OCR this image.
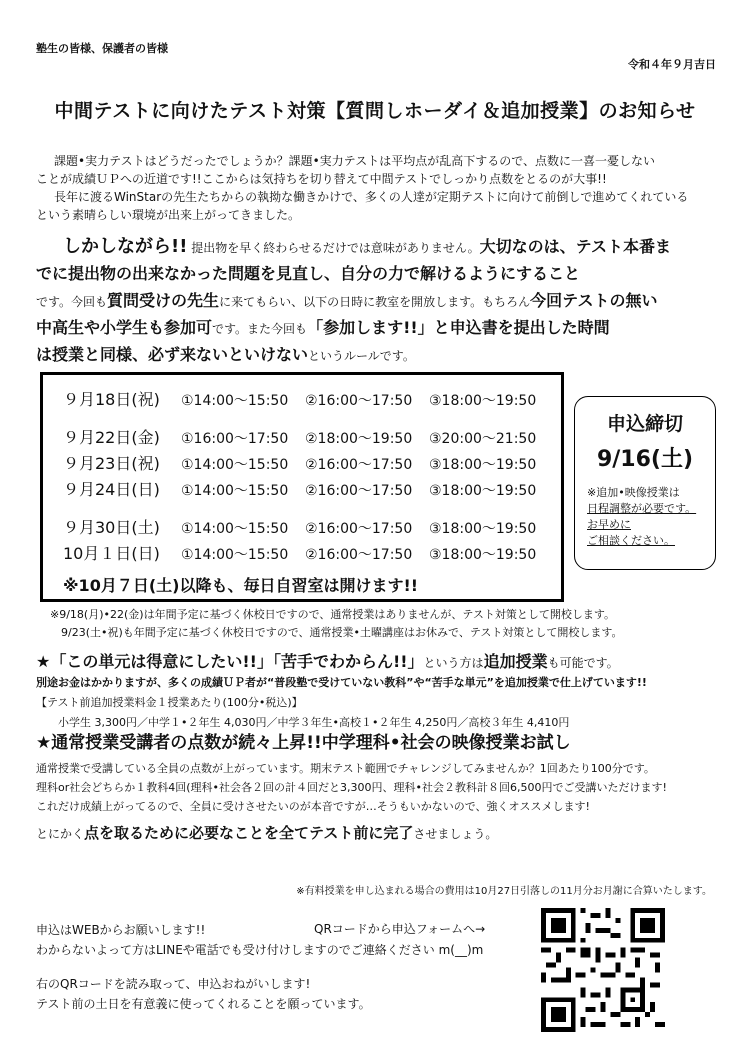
塾生の皆様、保護者の皆様
令和４年９月吉日
中間テストに向けたテスト対策【質問しホーダイ＆追加授業】のお知らせ

課題•実力テストはどうだったでしょうか？課題•実力テストは平均点が乱高下するので、点数に一喜一憂しない

ことが成績ＵＰへの近道です!!ここからは気持ちを切り替えて中間テストでしっかり点数をとるのが大事!!

長年に渡るWinStarの先生たちからの執拗な働きかけで、多くの人達が定期テストに向けて前倒しで進めてくれている

という素晴らしい環境が出来上がってきました。

しかしながら!! 提出物を早く終わらせるだけでは意味がありません。大切なのは、テスト本番ま
でに提出物の出来なかった問題を見直し、自分の力で解けるようにすること
です。今回も質問受けの先生に来てもらい、以下の日時に教室を開放します。もちろん今回テストの無い
中高生や小学生も参加可です。また今回も「参加します!!」と申込書を提出した時間
は授業と同様、必ず来ないといけないというルールです。
９月18日(祝) ①14:00～15:50 ②16:00～17:50 ③18:00～19:50
９月22日(金) ①16:00～17:50 ②18:00～19:50 ③20:00～21:50
９月23日(祝) ①14:00～15:50 ②16:00～17:50 ③18:00～19:50
９月24日(日) ①14:00～15:50 ②16:00～17:50 ③18:00～19:50
９月30日(土) ①14:00～15:50 ②16:00～17:50 ③18:00～19:50
10月１日(日) ①14:00～15:50 ②16:00～17:50 ③18:00～19:50
※10月７日(土)以降も、毎日自習室は開けます!!
申込締切
9/16(土)
※追加•映像授業は
日程調整が必要です。
お早めに
ご相談ください。

※9/18(月)•22(金)は年間予定に基づく休校日ですので、通常授業はありませんが、テスト対策として開校します。

9/23(土•祝)も年間予定に基づく休校日ですので、通常授業•土曜講座はお休みで、テスト対策として開校します。

★「この単元は得意にしたい!!」「苦手でわからん!!」という方は追加授業も可能です。

別途お金はかかりますが、多くの成績ＵＰ者が“普段塾で受けていない教科”や“苦手な単元”を追加授業で仕上げています!!

【テスト前追加授業料金１授業あたり(100分•税込)】

小学生 3,300円／中学１•２年生 4,030円／中学３年生•高校１•２年生 4,250円／高校３年生 4,410円

★通常授業受講者の点数が続々上昇!!中学理科•社会の映像授業お試し

通常授業で受講している全員の点数が上がっています。期末テスト範囲でチャレンジしてみませんか？1回あたり100分です。

理科or社会どちらか１教科4回(理科•社会各２回の計４回だと3,300円、理科•社会２教科計８回6,500円でご受講いただけます!

これだけ成績上がってるので、全員に受けさせたいのが本音ですが…そうもいかないので、強くオススメします!

とにかく点を取るために必要なことを全てテスト前に完了させましょう。

※有料授業を申し込まれる場合の費用は10月27日引落しの11月分お月謝に合算いたします。

申込はWEBからお願いします!!

わからないよって方はLINEや電話でも受け付けしますのでご連絡ください m(__)m

右のQRコードを読み取って、申込おねがいします!

テスト前の土日を有意義に使ってくれることを願っています。

QRコードから申込フォームへ→
